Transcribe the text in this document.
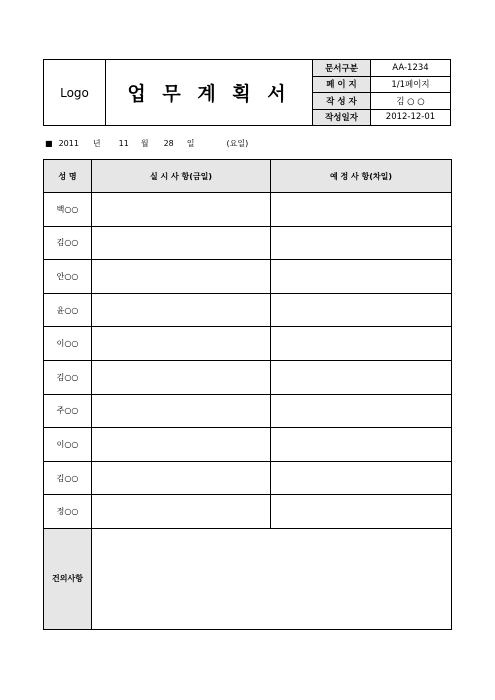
Logo	업 무 계 획 서
문서구분	AA-1234
페 이 지	1/1페이지
작 성 자	김 ○ ○
작성일자	2012-12-01
■ 2011 년 11 월 28 일	(요일)
성 명	실 시 사 항(금일)	예 정 사 항(차일)
백○○		
김○○		
안○○		
윤○○		
이○○		
김○○		
주○○		
이○○		
김○○		
정○○		
건의사항		
